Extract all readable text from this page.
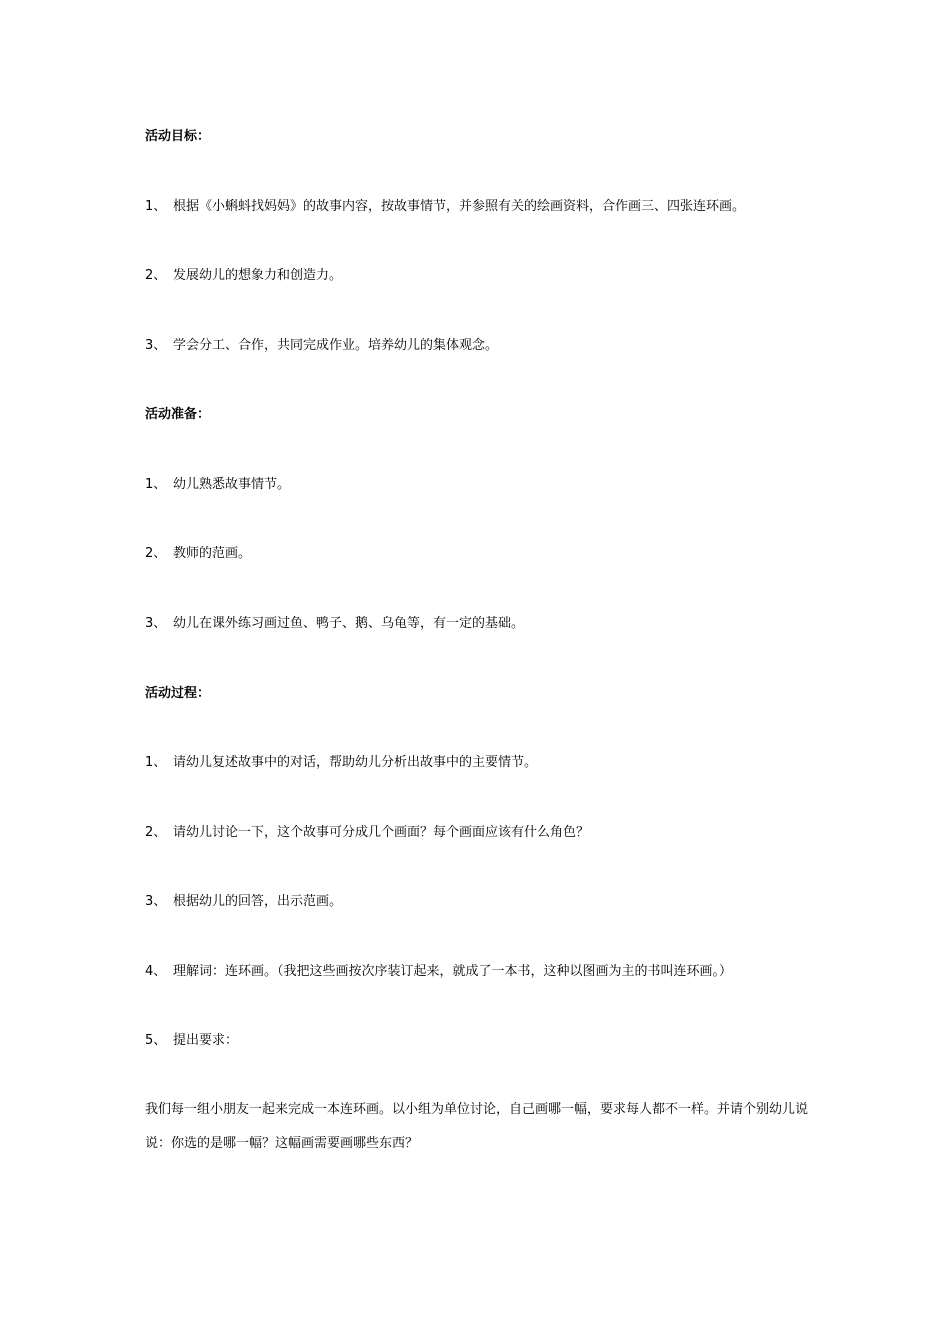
活动目标：
1、 根据《小蝌蚪找妈妈》的故事内容，按故事情节，并参照有关的绘画资料，合作画三、四张连环画。
2、 发展幼儿的想象力和创造力。
3、 学会分工、合作，共同完成作业。培养幼儿的集体观念。
活动准备：
1、 幼儿熟悉故事情节。
2、 教师的范画。
3、 幼儿在课外练习画过鱼、鸭子、鹅、乌龟等，有一定的基础。
活动过程：
1、 请幼儿复述故事中的对话，帮助幼儿分析出故事中的主要情节。
2、 请幼儿讨论一下，这个故事可分成几个画面？每个画面应该有什么角色？
3、 根据幼儿的回答，出示范画。
4、 理解词：连环画。（我把这些画按次序装订起来，就成了一本书，这种以图画为主的书叫连环画。）
5、 提出要求：
我们每一组小朋友一起来完成一本连环画。以小组为单位讨论，自己画哪一幅，要求每人都不一样。并请个别幼儿说说：你选的是哪一幅？这幅画需要画哪些东西？
